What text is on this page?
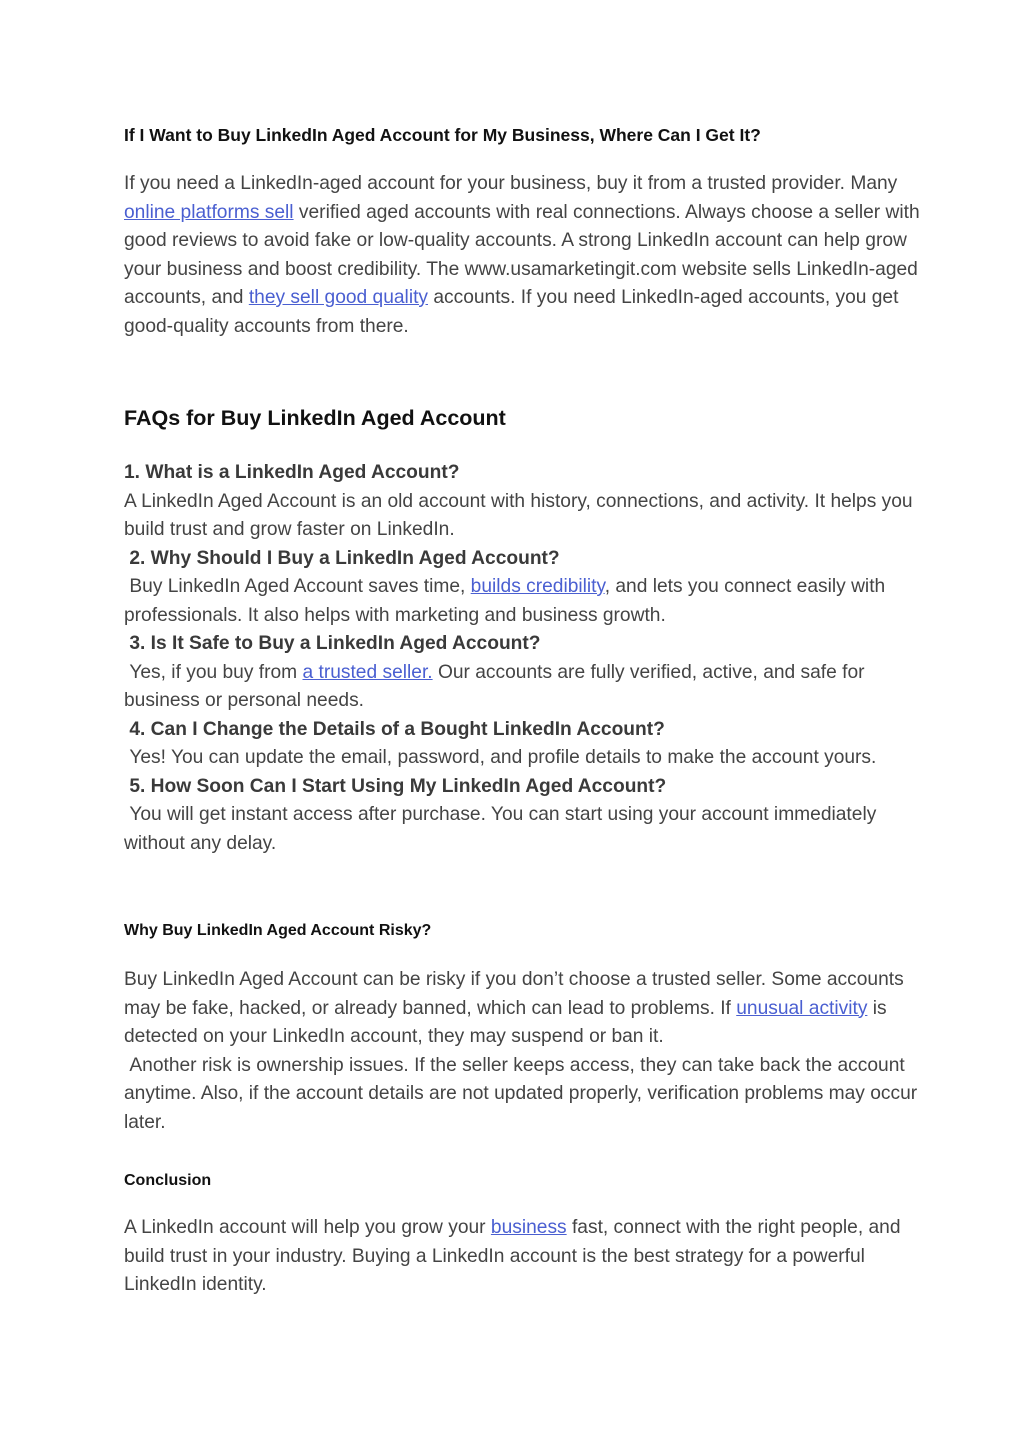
If I Want to Buy LinkedIn Aged Account for My Business, Where Can I Get It?

If you need a LinkedIn-aged account for your business, buy it from a trusted provider. Many online platforms sell verified aged accounts with real connections. Always choose a seller with good reviews to avoid fake or low-quality accounts. A strong LinkedIn account can help grow your business and boost credibility. The www.usamarketingit.com website sells LinkedIn-aged accounts, and they sell good quality accounts. If you need LinkedIn-aged accounts, you get good-quality accounts from there.

FAQs for Buy LinkedIn Aged Account
1. What is a LinkedIn Aged Account?
A LinkedIn Aged Account is an old account with history, connections, and activity. It helps you build trust and grow faster on LinkedIn.
2. Why Should I Buy a LinkedIn Aged Account?
Buy LinkedIn Aged Account saves time, builds credibility, and lets you connect easily with professionals. It also helps with marketing and business growth.
3. Is It Safe to Buy a LinkedIn Aged Account?
Yes, if you buy from a trusted seller. Our accounts are fully verified, active, and safe for business or personal needs.
4. Can I Change the Details of a Bought LinkedIn Account?
Yes! You can update the email, password, and profile details to make the account yours.
5. How Soon Can I Start Using My LinkedIn Aged Account?
You will get instant access after purchase. You can start using your account immediately without any delay.
Why Buy LinkedIn Aged Account Risky?
Buy LinkedIn Aged Account can be risky if you don’t choose a trusted seller. Some accounts may be fake, hacked, or already banned, which can lead to problems. If unusual activity is detected on your LinkedIn account, they may suspend or ban it.
Another risk is ownership issues. If the seller keeps access, they can take back the account anytime. Also, if the account details are not updated properly, verification problems may occur later.
Conclusion

A LinkedIn account will help you grow your business fast, connect with the right people, and build trust in your industry. Buying a LinkedIn account is the best strategy for a powerful LinkedIn identity.
